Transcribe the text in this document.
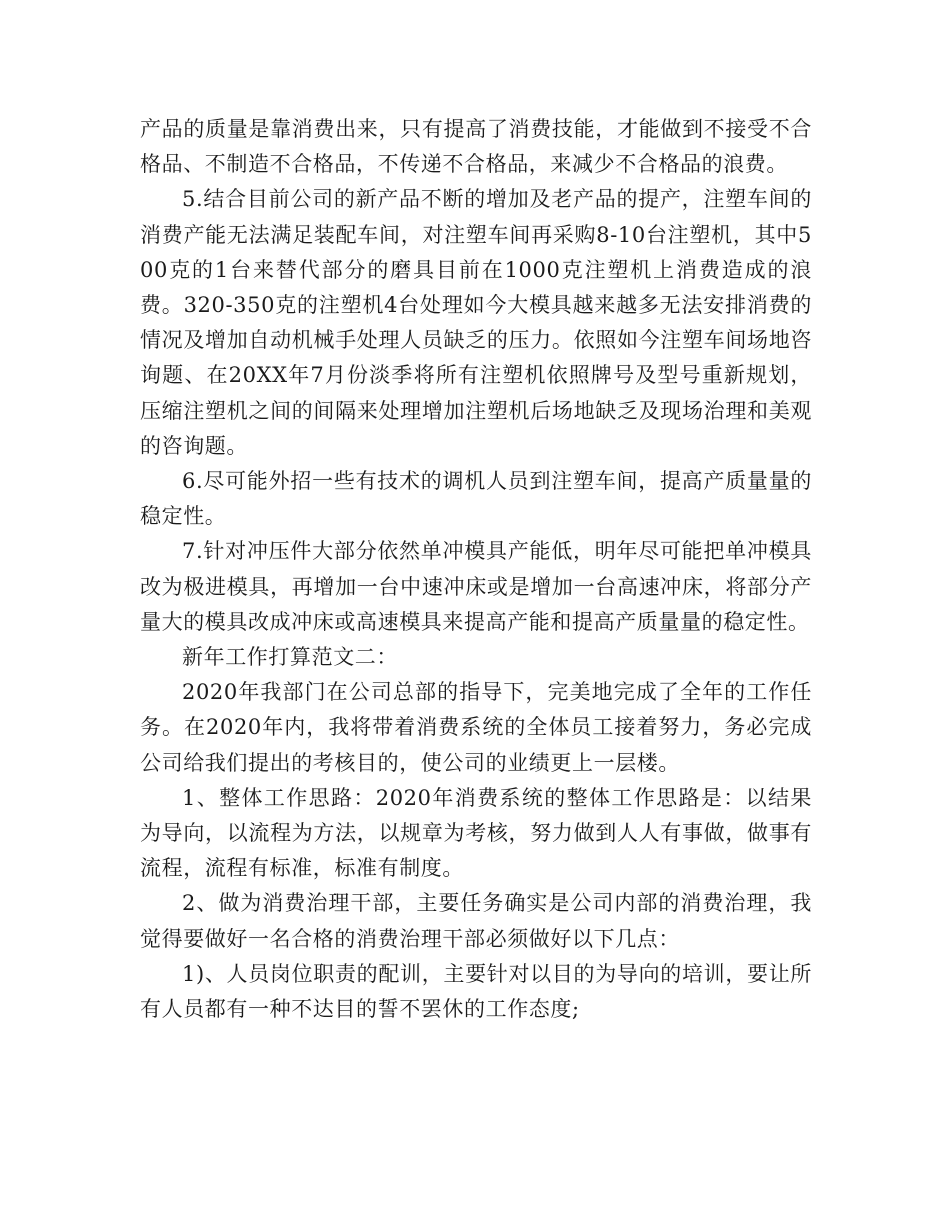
产品的质量是靠消费出来，只有提高了消费技能，才能做到不接受不合格品、不制造不合格品，不传递不合格品，来减少不合格品的浪费。

5.结合目前公司的新产品不断的增加及老产品的提产，注塑车间的消费产能无法满足装配车间，对注塑车间再采购8-10台注塑机，其中500克的1台来替代部分的磨具目前在1000克注塑机上消费造成的浪费。320-350克的注塑机4台处理如今大模具越来越多无法安排消费的情况及增加自动机械手处理人员缺乏的压力。依照如今注塑车间场地咨询题、在20XX年7月份淡季将所有注塑机依照牌号及型号重新规划，压缩注塑机之间的间隔来处理增加注塑机后场地缺乏及现场治理和美观的咨询题。

6.尽可能外招一些有技术的调机人员到注塑车间，提高产质量量的稳定性。

7.针对冲压件大部分依然单冲模具产能低，明年尽可能把单冲模具改为极进模具，再增加一台中速冲床或是增加一台高速冲床，将部分产量大的模具改成冲床或高速模具来提高产能和提高产质量量的稳定性。

新年工作打算范文二：

2020年我部门在公司总部的指导下，完美地完成了全年的工作任务。在2020年内，我将带着消费系统的全体员工接着努力，务必完成公司给我们提出的考核目的，使公司的业绩更上一层楼。

1、整体工作思路：2020年消费系统的整体工作思路是：以结果为导向，以流程为方法，以规章为考核，努力做到人人有事做，做事有流程，流程有标准，标准有制度。

2、做为消费治理干部，主要任务确实是公司内部的消费治理，我觉得要做好一名合格的消费治理干部必须做好以下几点：

1)、人员岗位职责的配训，主要针对以目的为导向的培训，要让所有人员都有一种不达目的誓不罢休的工作态度;
